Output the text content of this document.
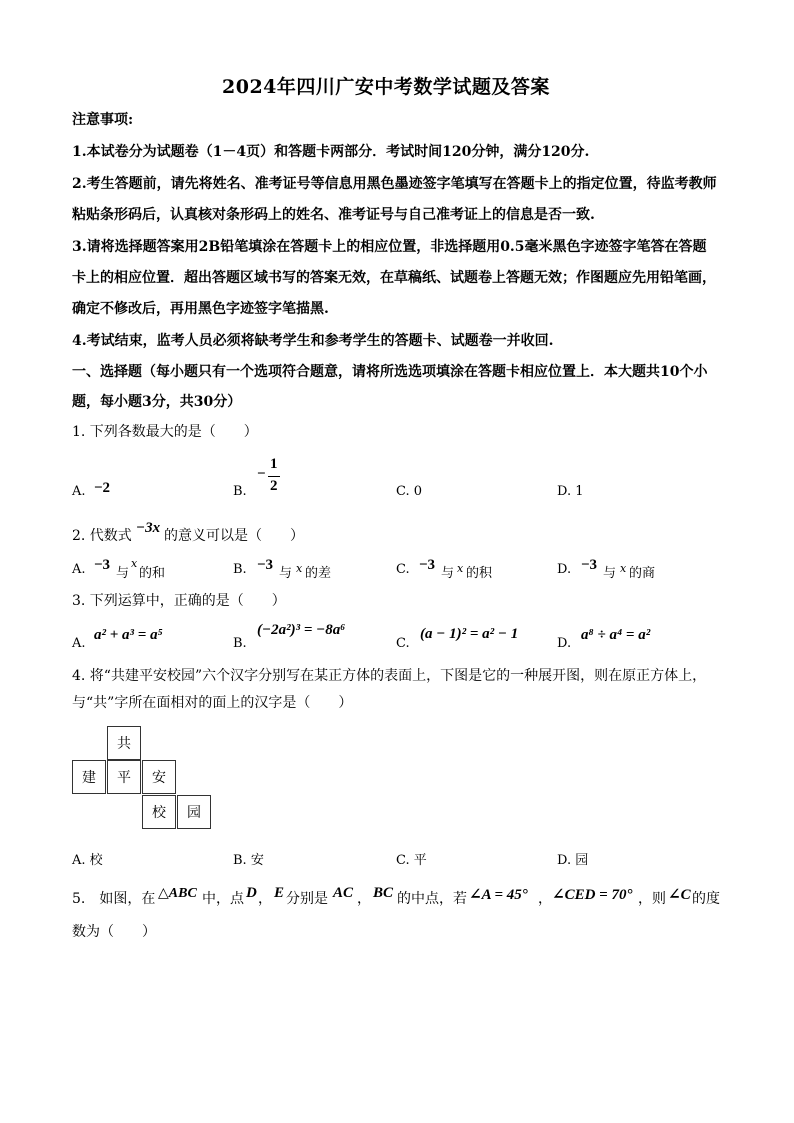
2024年四川广安中考数学试题及答案
注意事项:
1.本试卷分为试题卷（1－4页）和答题卡两部分．考试时间120分钟，满分120分.
2.考生答题前，请先将姓名、准考证号等信息用黑色墨迹签字笔填写在答题卡上的指定位置，待监考教师
粘贴条形码后，认真核对条形码上的姓名、准考证号与自己准考证上的信息是否一致.
3.请将选择题答案用2B铅笔填涂在答题卡上的相应位置，非选择题用0.5毫米黑色字迹签字笔答在答题
卡上的相应位置．超出答题区域书写的答案无效，在草稿纸、试题卷上答题无效；作图题应先用铅笔画，
确定不修改后，再用黑色字迹签字笔描黑.
4.考试结束，监考人员必须将缺考学生和参考学生的答题卡、试题卷一并收回.
一、选择题（每小题只有一个选项符合题意，请将所选选项填涂在答题卡相应位置上．本大题共10个小
题，每小题3分，共30分）
1. 下列各数最大的是（　　）
A. −2	B.
−
1
2	C. 0	D. 1
2. 代数式 −3x 的意义可以是（　　）
A. −3
与
x
的和	B. −3
与 x 的差	C. −3
与 x 的积	D. −3
与 x 的商
3. 下列运算中，正确的是（　　）
A.
a² + a³ = a⁵
B.
(−2a²)³ = −8a⁶
C.
(a − 1)² = a² − 1
D.
a⁸ ÷ a⁴ = a²
4. 将“共建平安校园”六个汉字分别写在某正方体的表面上，下图是它的一种展开图，则在原正方体上，
与“共”字所在面相对的面上的汉字是（　　）
共
建	平	安
校	园
A. 校	B. 安	C. 平	D. 园
5.　如图，在 △ABC 中，点 D ， E 分别是 AC ， BC 的中点，若 ∠A = 45° ， ∠CED = 70° ，则 ∠C 的度
数为（　　）
